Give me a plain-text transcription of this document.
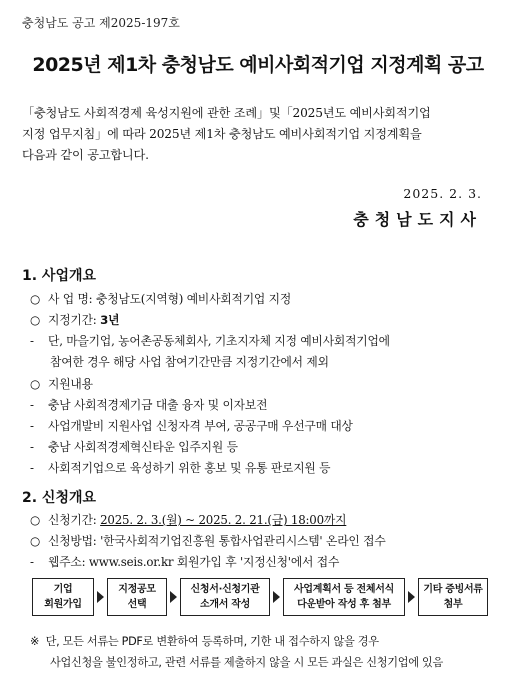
충청남도 공고 제2025-197호
2025년 제1차 충청남도 예비사회적기업 지정계획 공고

「충청남도 사회적경제 육성지원에 관한 조례」및「2025년도 예비사회적기업

지정 업무지침」에 따라 2025년 제1차 충청남도 예비사회적기업 지정계획을

다음과 같이 공고합니다.

2025. 2. 3.
충청남도지사
1. 사업개요
○ 사 업 명: 충청남도(지역형) 예비사회적기업 지정
○ 지정기간: 3년
- 단, 마을기업, 농어촌공동체회사, 기초지자체 지정 예비사회적기업에
참여한 경우 해당 사업 참여기간만큼 지정기간에서 제외
○ 지원내용
- 충남 사회적경제기금 대출 융자 및 이자보전
- 사업개발비 지원사업 신청자격 부여, 공공구매 우선구매 대상
- 충남 사회적경제혁신타운 입주지원 등
- 사회적기업으로 육성하기 위한 홍보 및 유통 판로지원 등
2. 신청개요
○ 신청기간: 2025. 2. 3.(월) ~ 2025. 2. 21.(금) 18:00까지
○ 신청방법: '한국사회적기업진흥원 통합사업관리시스템' 온라인 접수
- 웹주소: www.seis.or.kr 회원가입 후 '지정신청'에서 접수
기업
회원가입
지정공모
선택
신청서·신청기관
소개서 작성
사업계획서 등 전체서식
다운받아 작성 후 첨부
기타 증빙서류
첨부
※ 단, 모든 서류는 PDF로 변환하여 등록하며, 기한 내 접수하지 않을 경우
사업신청을 불인정하고, 관련 서류를 제출하지 않을 시 모든 과실은 신청기업에 있음
